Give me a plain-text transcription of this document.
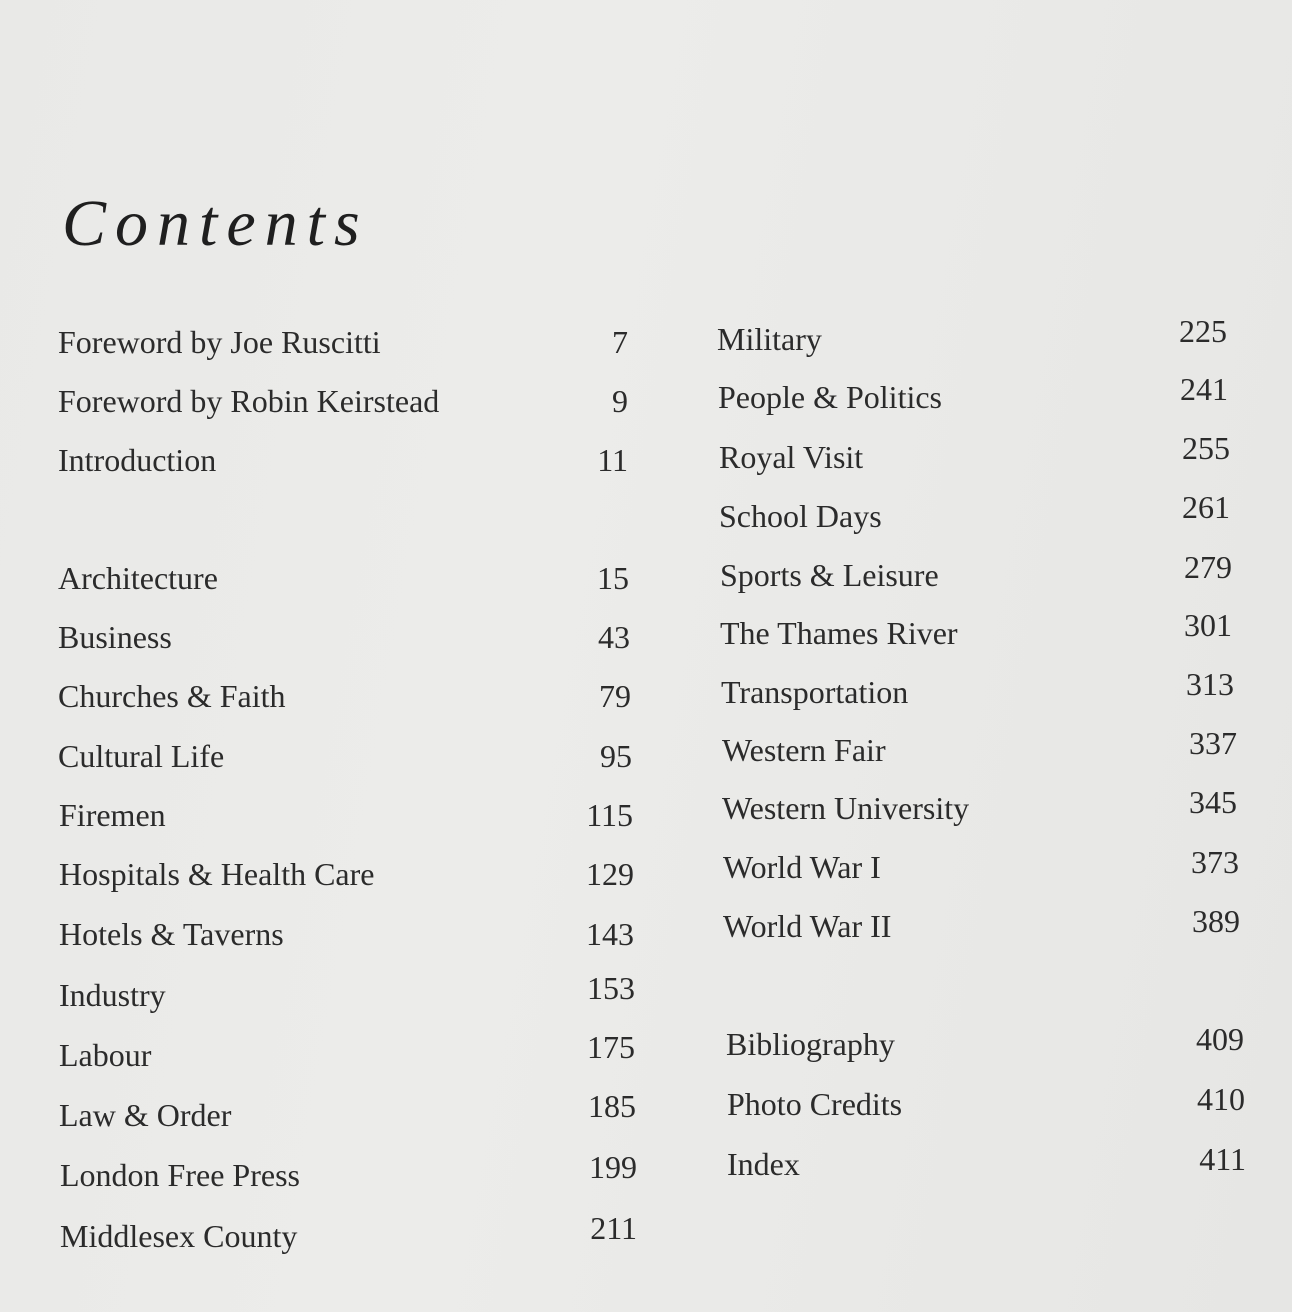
Contents
Foreword by Joe Ruscitti	7
Foreword by Robin Keirstead	9
Introduction	11
Architecture	15
Business	43
Churches & Faith	79
Cultural Life	95
Firemen	115
Hospitals & Health Care	129
Hotels & Taverns	143
Industry	153
Labour	175
Law & Order	185
London Free Press	199
Middlesex County	211
Military	225
People & Politics	241
Royal Visit	255
School Days	261
Sports & Leisure	279
The Thames River	301
Transportation	313
Western Fair	337
Western University	345
World War I	373
World War II	389
Bibliography	409
Photo Credits	410
Index	411
